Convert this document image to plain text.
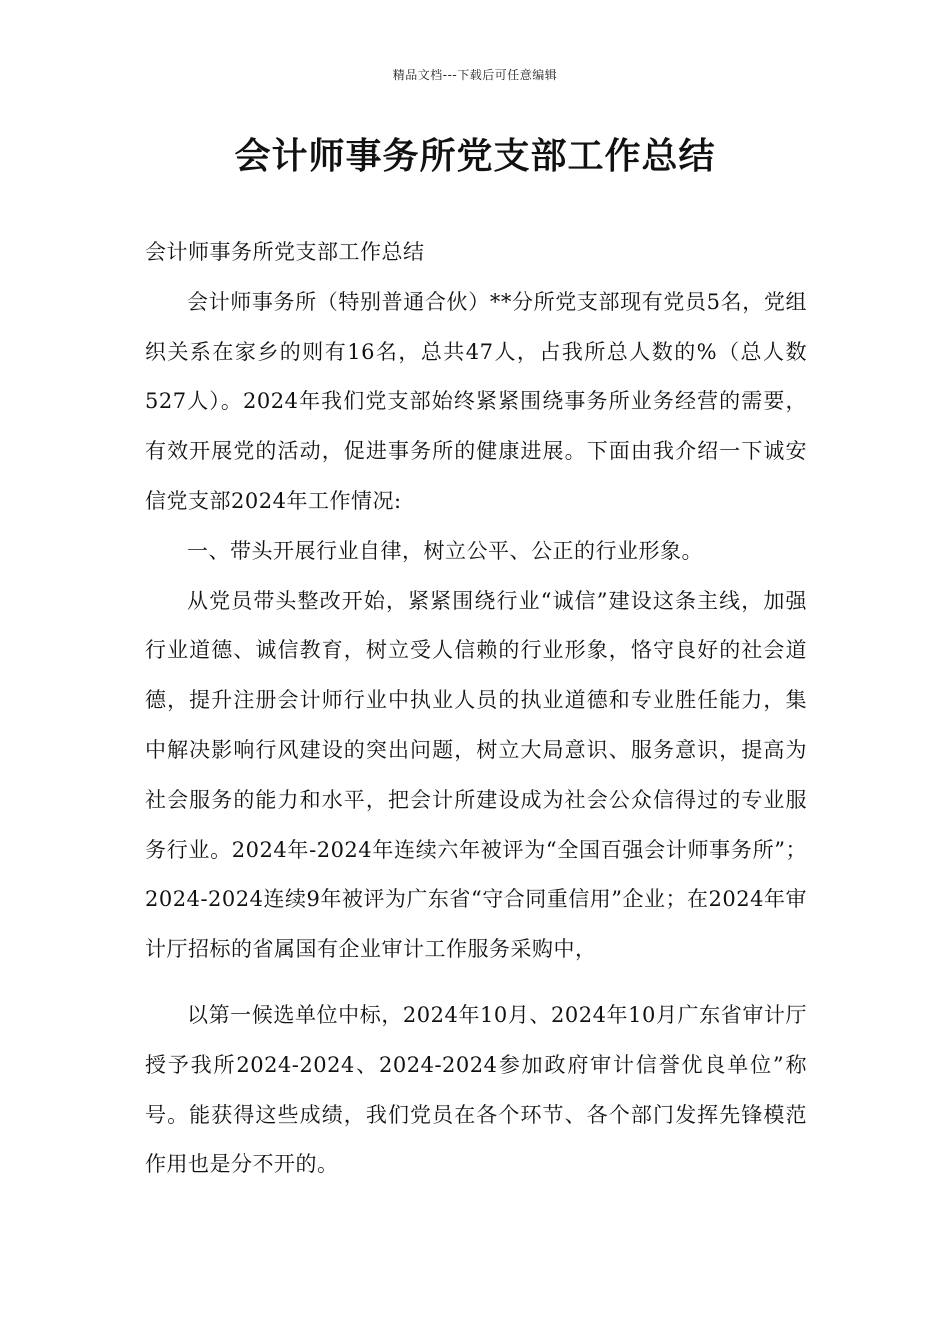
精品文档---下载后可任意编辑
会计师事务所党支部工作总结

会计师事务所党支部工作总结

会计师事务所（特别普通合伙）**分所党支部现有党员5名，党组织关系在家乡的则有16名，总共47人，占我所总人数的%（总人数527人）。2024年我们党支部始终紧紧围绕事务所业务经营的需要，有效开展党的活动，促进事务所的健康进展。下面由我介绍一下诚安信党支部2024年工作情况:

一、带头开展行业自律，树立公平、公正的行业形象。

从党员带头整改开始，紧紧围绕行业“诚信”建设这条主线，加强行业道德、诚信教育，树立受人信赖的行业形象，恪守良好的社会道德，提升注册会计师行业中执业人员的执业道德和专业胜任能力，集中解决影响行风建设的突出问题，树立大局意识、服务意识，提高为社会服务的能力和水平，把会计所建设成为社会公众信得过的专业服务行业。2024年-2024年连续六年被评为“全国百强会计师事务所”；2024-2024连续9年被评为广东省“守合同重信用”企业；在2024年审计厅招标的省属国有企业审计工作服务采购中，

以第一候选单位中标，2024年10月、2024年10月广东省审计厅授予我所2024-2024、2024-2024参加政府审计信誉优良单位”称号。能获得这些成绩，我们党员在各个环节、各个部门发挥先锋模范作用也是分不开的。
